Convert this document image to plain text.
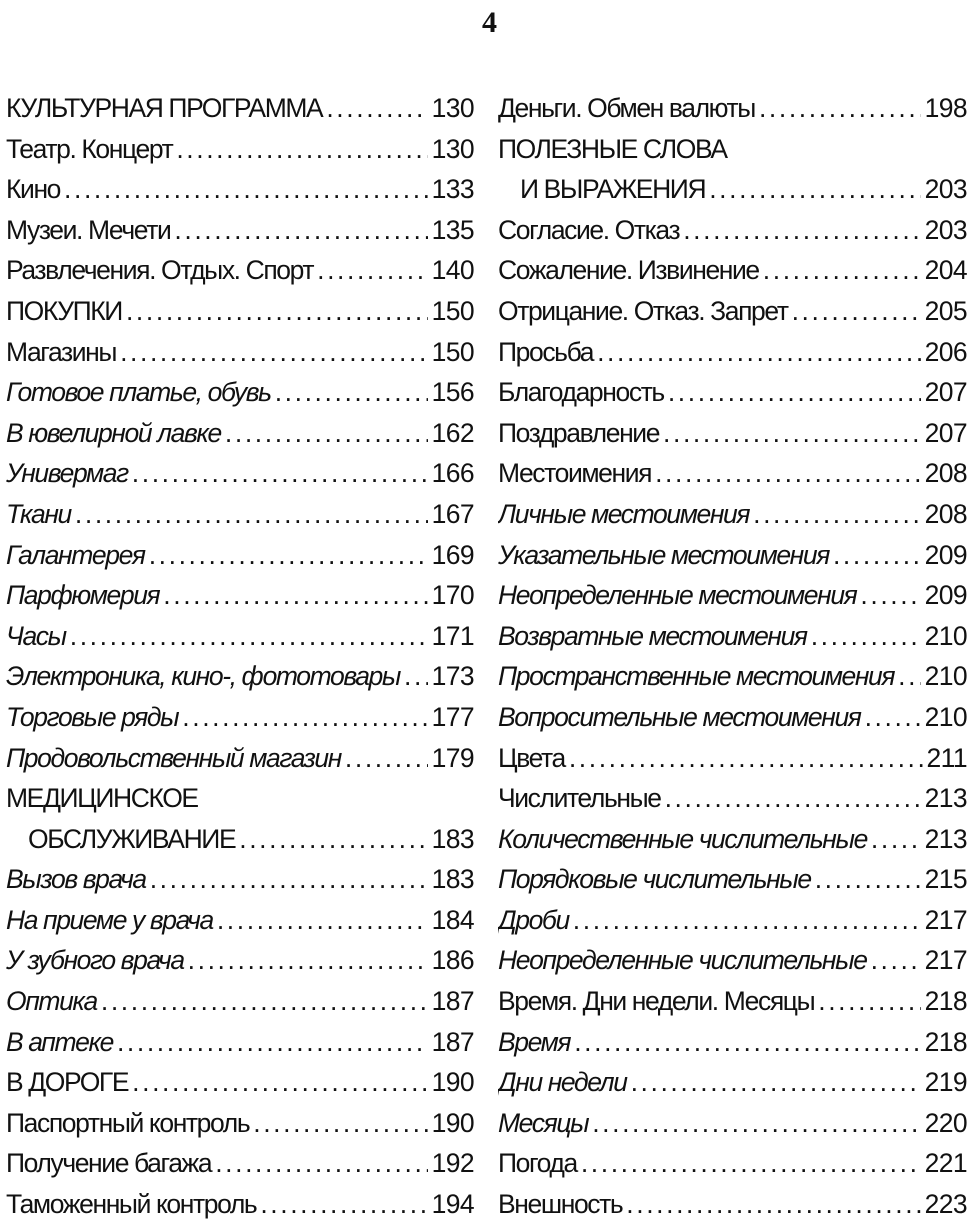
4
КУЛЬТУРНАЯ ПРОГРАММА .....	130
Театр. Концерт .....	130
Кино .....	133
Музеи. Мечети .....	135
Развлечения. Отдых. Спорт .....	140
ПОКУПКИ .....	150
Магазины .....	150
Готовое платье, обувь .....	156
В ювелирной лавке .....	162
Универмаг .....	166
Ткани .....	167
Галантерея .....	169
Парфюмерия .....	170
Часы .....	171
Электроника, кино-, фототовары ..... 173
Торговые ряды .....	177
Продовольственный магазин .....	179
МЕДИЦИНСКОЕ
ОБСЛУЖИВАНИЕ .....	183
Вызов врача .....	183
На приеме у врача .....	184
У зубного врача .....	186
Оптика .....	187
В аптеке .....	187
В ДОРОГЕ .....	190
Паспортный контроль .....	190
Получение багажа .....	192
Таможенный контроль .....	194
Деньги. Обмен валюты .....	198
ПОЛЕЗНЫЕ СЛОВА
И ВЫРАЖЕНИЯ .....	203
Согласие. Отказ .....	203
Сожаление. Извинение .....	204
Отрицание. Отказ. Запрет .....	205
Просьба .....	206
Благодарность .....	207
Поздравление .....	207
Местоимения .....	208
Личные местоимения .....	208
Указательные местоимения .....	209
Неопределенные местоимения .....	209
Возвратные местоимения .....	210
Пространственные местоимения ..... 210
Вопросительные местоимения ..... 210
Цвета .....	211
Числительные .....	213
Количественные числительные ..... 213
Порядковые числительные .....	215
Дроби .....	217
Неопределенные числительные ..... 217
Время. Дни недели. Месяцы .....	218
Время .....	218
Дни недели .....	219
Месяцы .....	220
Погода .....	221
Внешность .....	223
